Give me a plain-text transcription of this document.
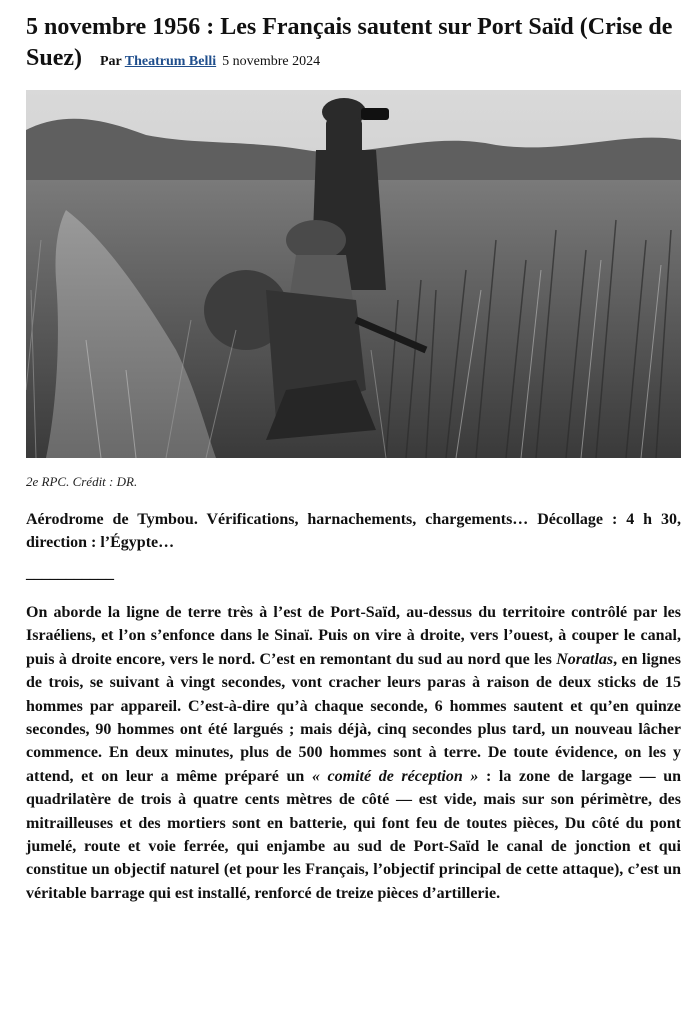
5 novembre 1956 : Les Français sautent sur Port Saïd (Crise de Suez) Par Theatrum Belli 5 novembre 2024
2e RPC. Crédit : DR.

Aérodrome de Tymbou. Vérifications, harnachements, chargements… Décollage : 4 h 30, direction : l’Égypte…

___________

On aborde la ligne de terre très à l’est de Port-Saïd, au-dessus du territoire contrôlé par les Israéliens, et l’on s’enfonce dans le Sinaï. Puis on vire à droite, vers l’ouest, à couper le canal, puis à droite encore, vers le nord. C’est en remontant du sud au nord que les Noratlas, en lignes de trois, se suivant à vingt secondes, vont cracher leurs paras à raison de deux sticks de 15 hommes par appareil. C’est-à-dire qu’à chaque seconde, 6 hommes sautent et qu’en quinze secondes, 90 hommes ont été largués ; mais déjà, cinq secondes plus tard, un nouveau lâcher commence. En deux minutes, plus de 500 hommes sont à terre. De toute évidence, on les y attend, et on leur a même préparé un « comité de réception » : la zone de largage — un quadrilatère de trois à quatre cents mètres de côté — est vide, mais sur son périmètre, des mitrailleuses et des mortiers sont en batterie, qui font feu de toutes pièces, Du côté du pont jumelé, route et voie ferrée, qui enjambe au sud de Port-Saïd le canal de jonction et qui constitue un objectif naturel (et pour les Français, l’objectif principal de cette attaque), c’est un véritable barrage qui est installé, renforcé de treize pièces d’artillerie.
